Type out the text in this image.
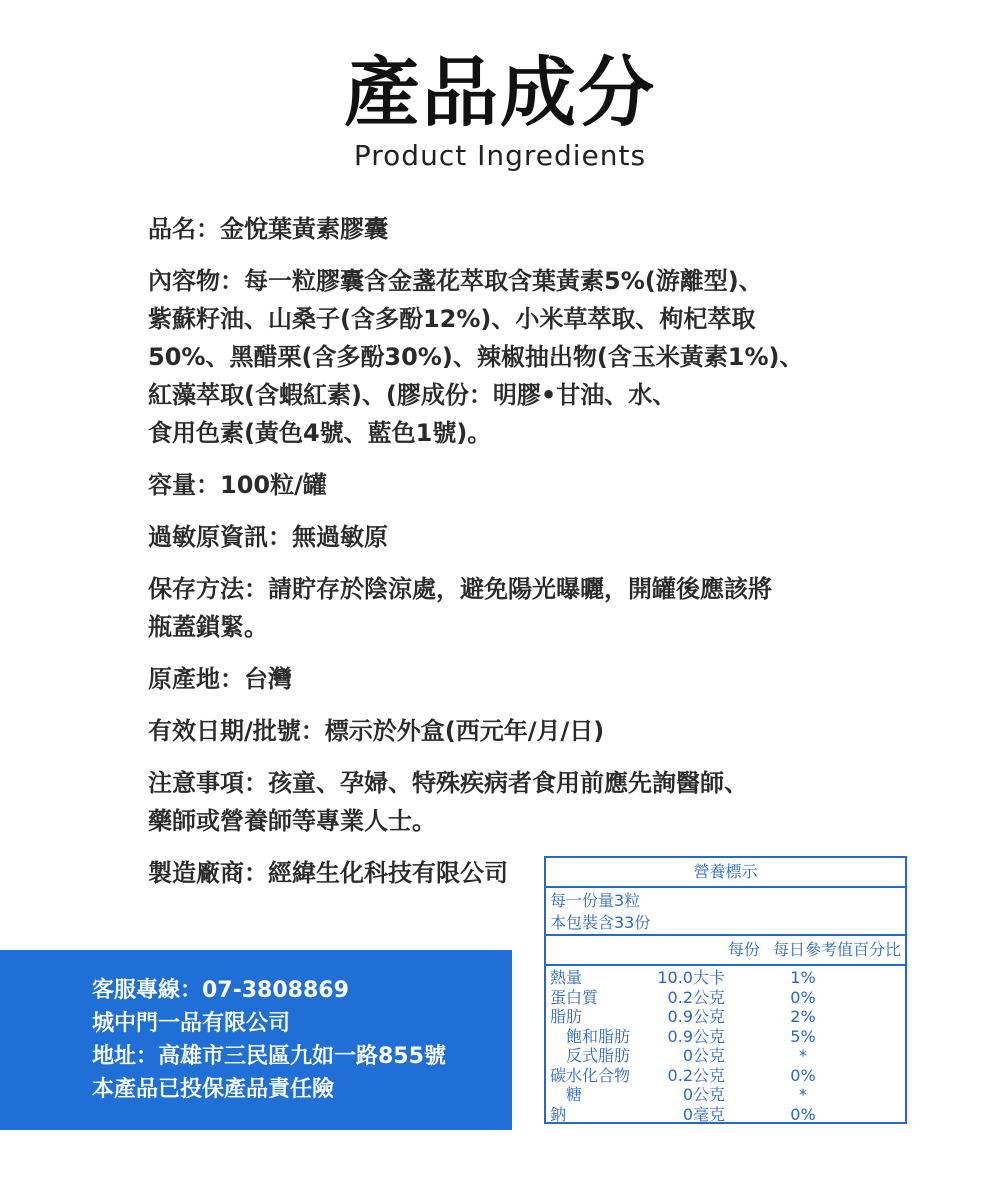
產品成分
Product Ingredients
品名：金悅葉黃素膠囊
內容物：每一粒膠囊含金盞花萃取含葉黃素5%(游離型)、
紫蘇籽油、山桑子(含多酚12%)、小米草萃取、枸杞萃取
50%、黑醋栗(含多酚30%)、辣椒抽出物(含玉米黃素1%)、
紅藻萃取(含蝦紅素)、(膠成份：明膠•甘油、水、
食用色素(黃色4號、藍色1號)。
容量：100粒/罐
過敏原資訊：無過敏原
保存方法：請貯存於陰涼處，避免陽光曝曬，開罐後應該將
瓶蓋鎖緊。
原產地：台灣
有效日期/批號：標示於外盒(西元年/月/日)
注意事項：孩童、孕婦、特殊疾病者食用前應先詢醫師、
藥師或營養師等專業人士。
製造廠商：經緯生化科技有限公司
客服專線：07-3808869
城中門一品有限公司
地址：高雄市三民區九如一路855號
本產品已投保產品責任險
營養標示
每一份量3粒
本包裝含33份
每份 每日參考值百分比
熱量	10.0大卡	1%
蛋白質	0.2公克	0%
脂肪	0.9公克	2%
飽和脂肪 0.9公克	5%
反式脂肪	0公克	*
碳水化合物 0.2公克	0%
糖	0公克	*
鈉	0毫克	0%
